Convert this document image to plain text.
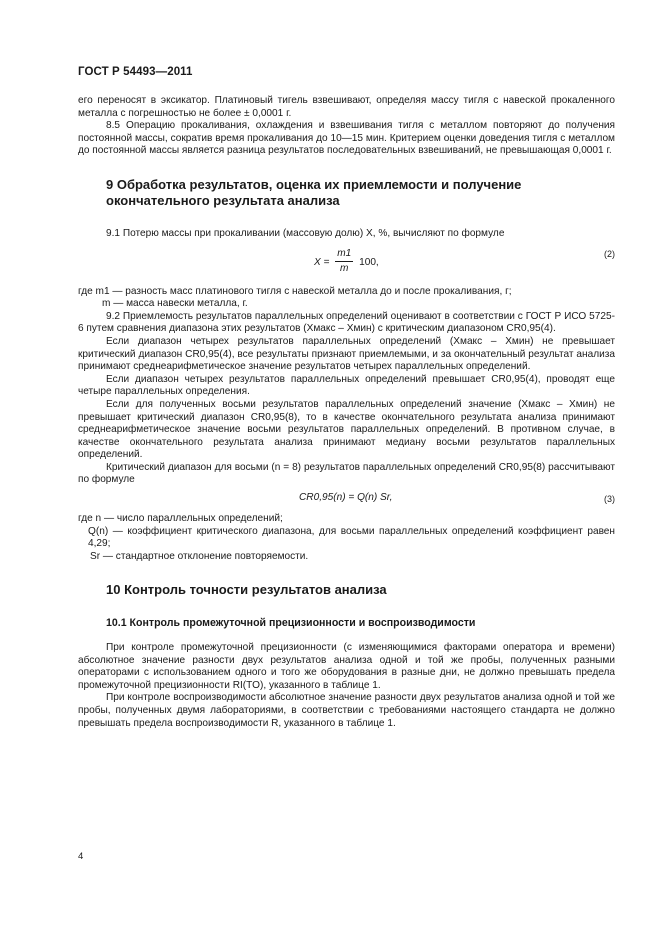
ГОСТ Р 54493—2011

его переносят в эксикатор. Платиновый тигель взвешивают, определяя массу тигля с навеской прокаленного металла с погрешностью не более ± 0,0001 г.

8.5 Операцию прокаливания, охлаждения и взвешивания тигля с металлом повторяют до получения постоянной массы, сократив время прокаливания до 10—15 мин. Критерием оценки доведения тигля с металлом до постоянной массы является разница результатов последовательных взвешиваний, не превышающая 0,0001 г.

9 Обработка результатов, оценка их приемлемости и получение окончательного результата анализа

9.1 Потерю массы при прокаливании (массовую долю) X, %, вычисляют по формуле

$X = \frac{m1}{m} 100$,
(2)

где m1 — разность масс платинового тигля с навеской металла до и после прокаливания, г;

m — масса навески металла, г.

9.2 Приемлемость результатов параллельных определений оценивают в соответствии с ГОСТ Р ИСО 5725-6 путем сравнения диапазона этих результатов (Xмакс – Xмин) с критическим диапазоном CR0,95(4).

Если диапазон четырех результатов параллельных определений (Xмакс – Xмин) не превышает критический диапазон CR0,95(4), все результаты признают приемлемыми, и за окончательный результат анализа принимают среднеарифметическое значение результатов четырех параллельных определений.

Если диапазон четырех результатов параллельных определений превышает CR0,95(4), проводят еще четыре параллельных определения.

Если для полученных восьми результатов параллельных определений значение (Xмакс – Xмин) не превышает критический диапазон CR0,95(8), то в качестве окончательного результата анализа принимают среднеарифметическое значение восьми результатов параллельных определений. В противном случае, в качестве окончательного результата анализа принимают медиану восьми результатов параллельных определений.

Критический диапазон для восьми (n = 8) результатов параллельных определений CR0,95(8) рассчитывают по формуле

CR0,95(n) = Q(n) Sr,	(3)

где n — число параллельных определений;

Q(n) — коэффициент критического диапазона, для восьми параллельных определений коэффициент равен 4,29;

Sr — стандартное отклонение повторяемости.

10 Контроль точности результатов анализа
10.1 Контроль промежуточной прецизионности и воспроизводимости

При контроле промежуточной прецизионности (с изменяющимися факторами оператора и времени) абсолютное значение разности двух результатов анализа одной и той же пробы, полученных разными операторами с использованием одного и того же оборудования в разные дни, не должно превышать предела промежуточной прецизионности RI(TO), указанного в таблице 1.

При контроле воспроизводимости абсолютное значение разности двух результатов анализа одной и той же пробы, полученных двумя лабораториями, в соответствии с требованиями настоящего стандарта не должно превышать предела воспроизводимости R, указанного в таблице 1.

4
